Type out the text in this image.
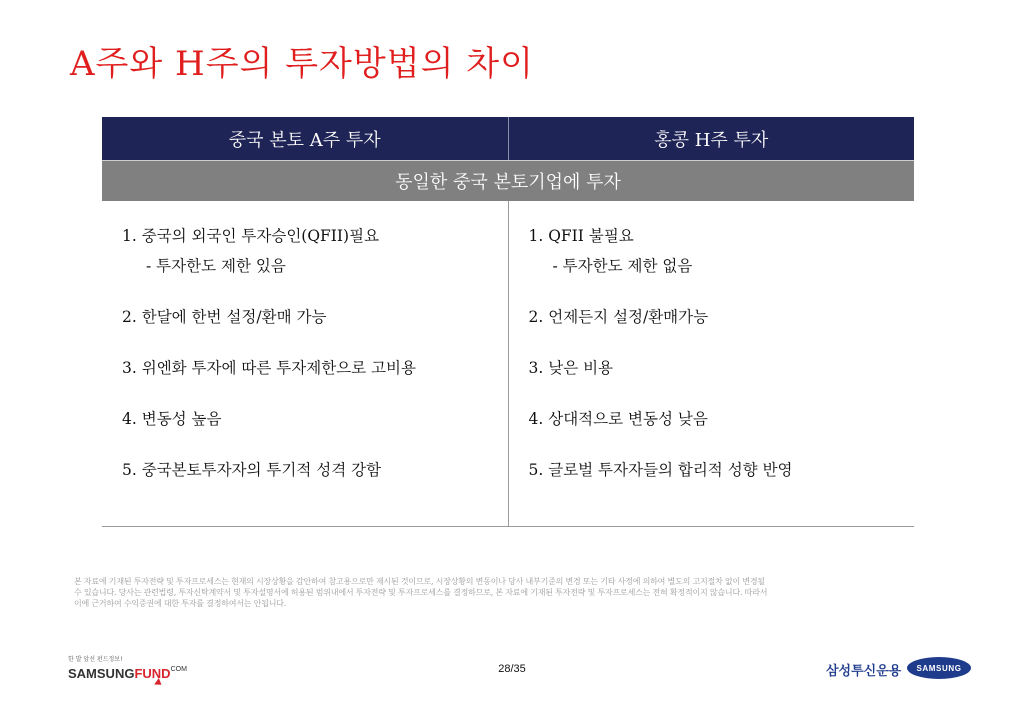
A주와 H주의 투자방법의 차이
중국 본토 A주 투자	홍콩 H주 투자
동일한 중국 본토기업에 투자
1. 중국의 외국인 투자승인(QFII)필요
- 투자한도 제한 있음
2. 한달에 한번 설정/환매 가능
3. 위엔화 투자에 따른 투자제한으로 고비용
4. 변동성 높음
5. 중국본토투자자의 투기적 성격 강함
1. QFII 불필요
- 투자한도 제한 없음
2. 언제든지 설정/환매가능
3. 낮은 비용
4. 상대적으로 변동성 낮음
5. 글로벌 투자자들의 합리적 성향 반영
본 자료에 기재된 투자전략 및 투자프로세스는 현재의 시장상황을 감안하여 참고용으로만 제시된 것이므로, 시장상황의 변동이나 당사 내부기준의 변경 또는 기타 사정에 의하여 별도의 고지절차 없이 변경될
수 있습니다. 당사는 관련법령, 투자신탁계약서 및 투자설명서에 허용된 범위내에서 투자전략 및 투자프로세스를 결정하므로, 본 자료에 기재된 투자전략 및 투자프로세스는 전혀 확정적이지 않습니다. 따라서
이에 근거하여 수익증권에 대한 투자를 결정하여서는 안됩니다.
한 발 앞선 펀드정보!
$SAMSUNGFUND^{COM}$	28/35	삼성투신운용	SAMSUNG
